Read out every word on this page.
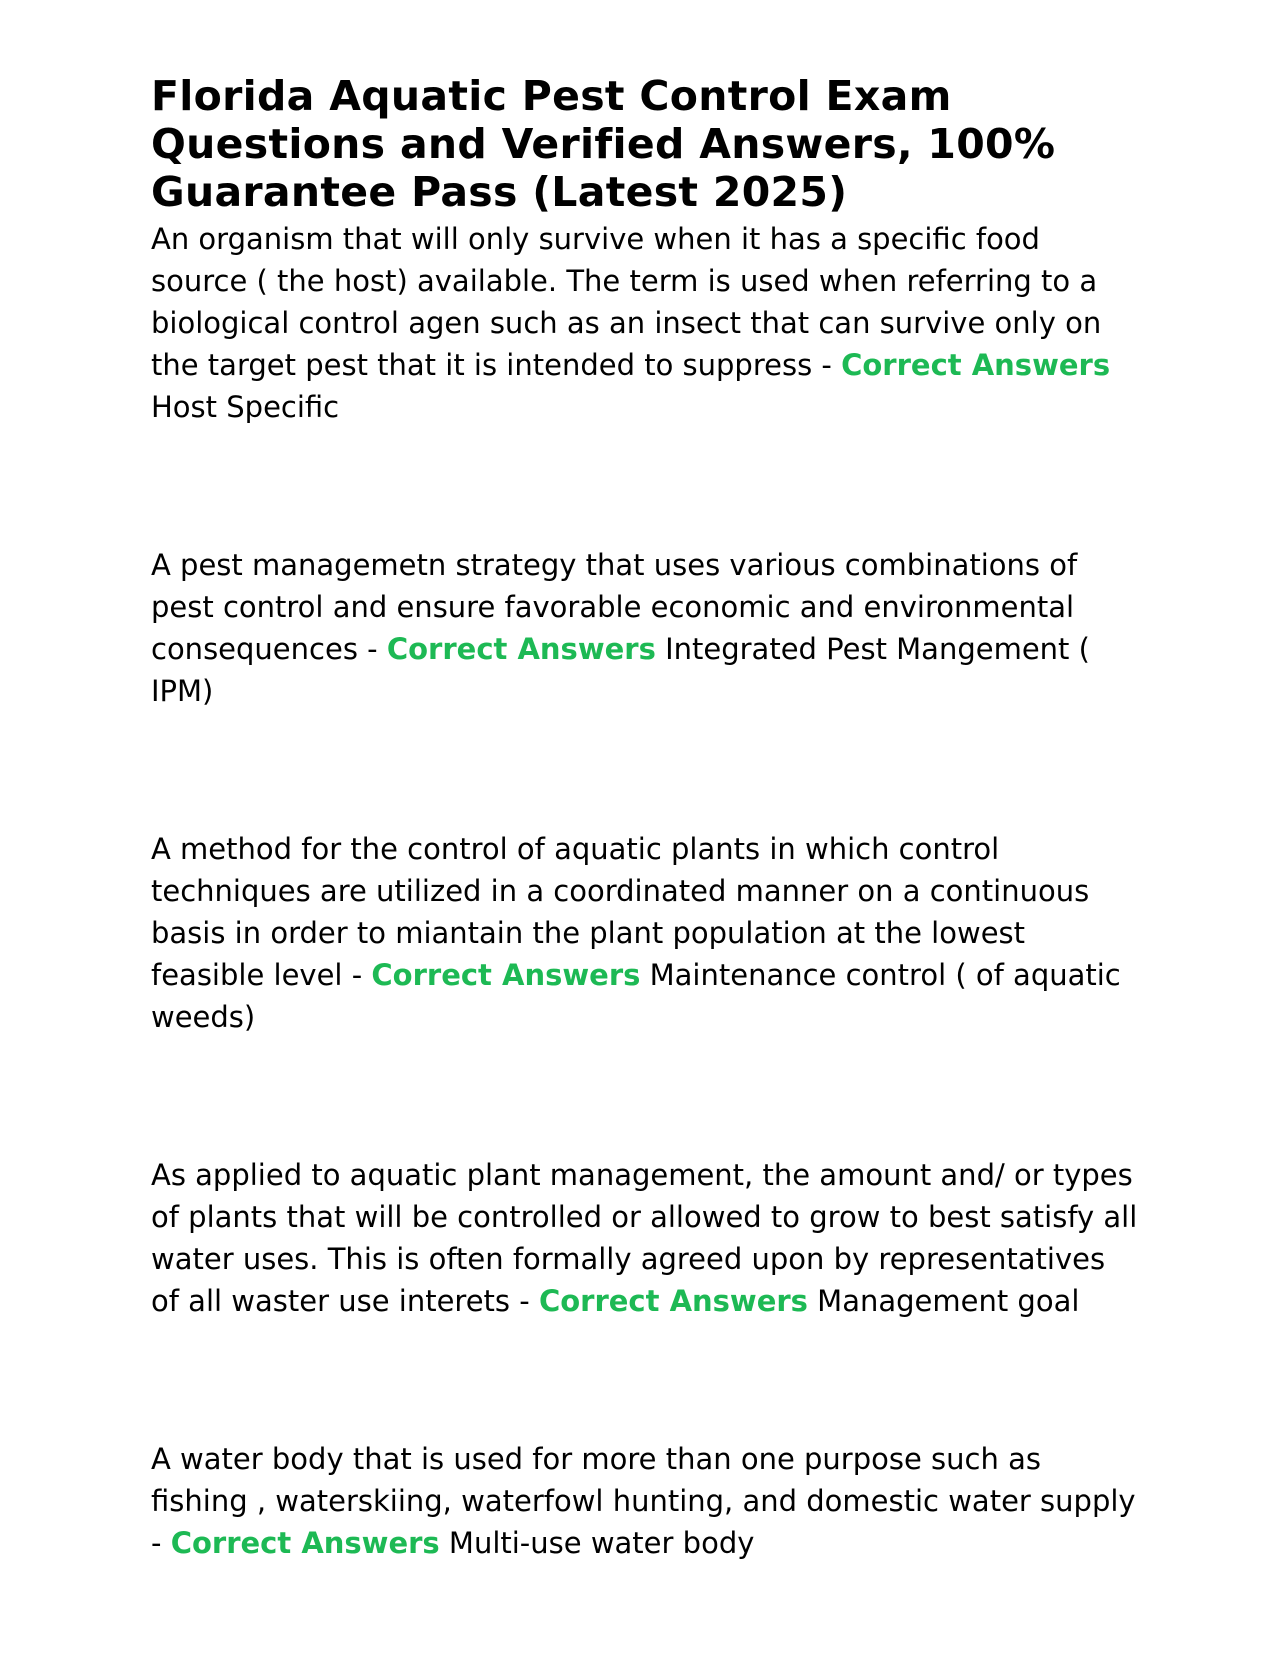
Florida Aquatic Pest Control Exam Questions and Verified Answers, 100% Guarantee Pass (Latest 2025)

An organism that will only survive when it has a specific food source ( the host) available. The term is used when referring to a biological control agen such as an insect that can survive only on the target pest that it is intended to suppress - Correct Answers Host Specific

A pest managemetn strategy that uses various combinations of pest control and ensure favorable economic and environmental consequences - Correct Answers Integrated Pest Mangement ( IPM)

A method for the control of aquatic plants in which control techniques are utilized in a coordinated manner on a continuous basis in order to miantain the plant population at the lowest feasible level - Correct Answers Maintenance control ( of aquatic weeds)

As applied to aquatic plant management, the amount and/ or types of plants that will be controlled or allowed to grow to best satisfy all water uses. This is often formally agreed upon by representatives of all waster use interets - Correct Answers Management goal

A water body that is used for more than one purpose such as fishing , waterskiing, waterfowl hunting, and domestic water supply - Correct Answers Multi-use water body
